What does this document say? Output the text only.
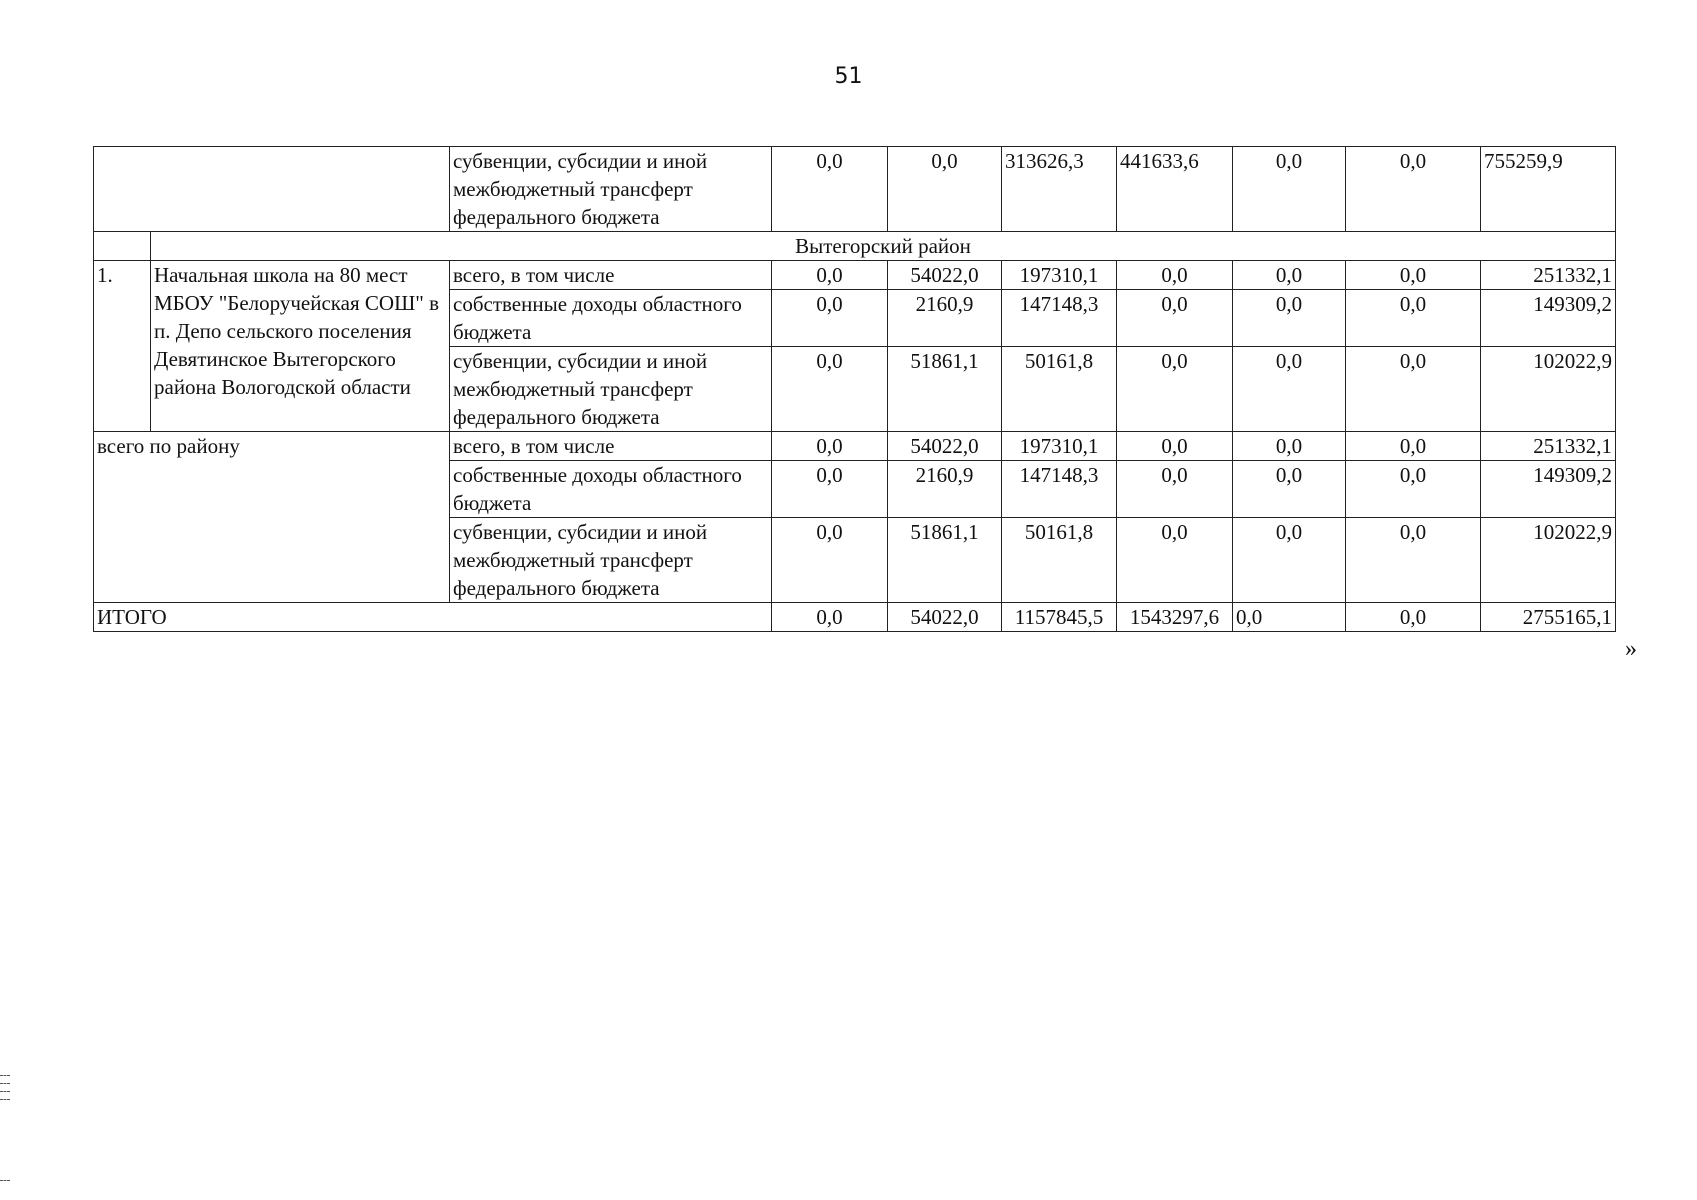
51
		субвенции, субсидии и иной межбюджетный трансферт федерального бюджета	0,0	0,0	313626,3	441633,6	0,0	0,0	755259,9
	Вытегорский район								
1.	Начальная школа на 80 мест МБОУ "Белоручейская СОШ" в п. Депо сельского поселения Девятинское Вытегорского района Вологодской области	всего, в том числе	0,0	54022,0	197310,1	0,0	0,0	0,0	251332,1
		собственные доходы областного бюджета	0,0	2160,9	147148,3	0,0	0,0	0,0	149309,2
		субвенции, субсидии и иной межбюджетный трансферт федерального бюджета	0,0	51861,1	50161,8	0,0	0,0	0,0	102022,9
всего по району		всего, в том числе	0,0	54022,0	197310,1	0,0	0,0	0,0	251332,1
		собственные доходы областного бюджета	0,0	2160,9	147148,3	0,0	0,0	0,0	149309,2
		субвенции, субсидии и иной межбюджетный трансферт федерального бюджета	0,0	51861,1	50161,8	0,0	0,0	0,0	102022,9
ИТОГО			0,0	54022,0	1157845,5	1543297,6	0,0	0,0	2755165,1
»
